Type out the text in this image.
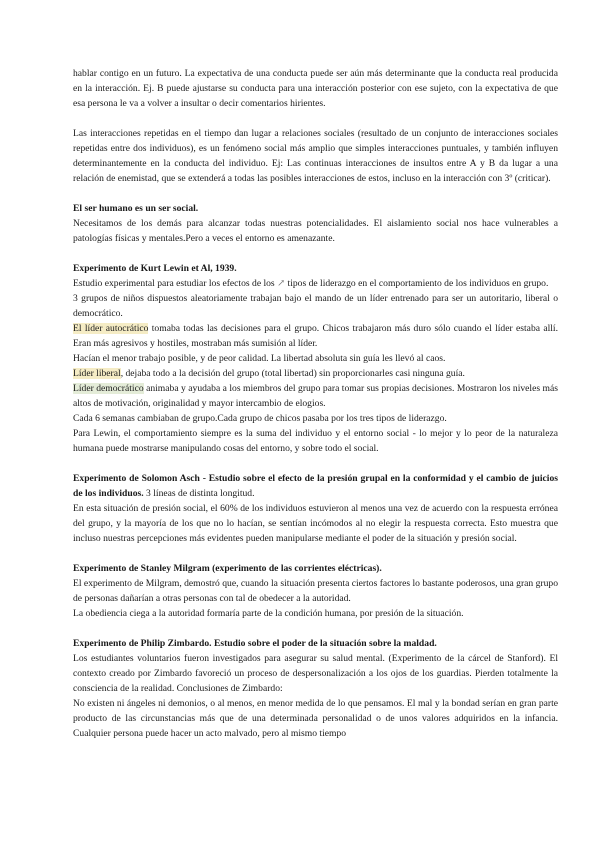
hablar contigo en un futuro. La expectativa de una conducta puede ser aún más determinante que la conducta real producida en la interacción. Ej. B puede ajustarse su conducta para una interacción posterior con ese sujeto, con la expectativa de que esa persona le va a volver a insultar o decir comentarios hirientes.

Las interacciones repetidas en el tiempo dan lugar a relaciones sociales (resultado de un conjunto de interacciones sociales repetidas entre dos individuos), es un fenómeno social más amplio que simples interacciones puntuales, y también influyen determinantemente en la conducta del individuo. Ej: Las continuas interacciones de insultos entre A y B da lugar a una relación de enemistad, que se extenderá a todas las posibles interacciones de estos, incluso en la interacción con 3º (criticar).

El ser humano es un ser social.

Necesitamos de los demás para alcanzar todas nuestras potencialidades. El aislamiento social nos hace vulnerables a patologías físicas y mentales.Pero a veces el entorno es amenazante.

Experimento de Kurt Lewin et Al, 1939.

Estudio experimental para estudiar los efectos de los ↗ tipos de liderazgo en el comportamiento de los individuos en grupo.

3 grupos de niños dispuestos aleatoriamente trabajan bajo el mando de un líder entrenado para ser un autoritario, liberal o democrático.

El líder autocrático tomaba todas las decisiones para el grupo. Chicos trabajaron más duro sólo cuando el líder estaba allí. Eran más agresivos y hostiles, mostraban más sumisión al líder.

Hacían el menor trabajo posible, y de peor calidad. La libertad absoluta sin guía les llevó al caos.

Líder liberal, dejaba todo a la decisión del grupo (total libertad) sin proporcionarles casi ninguna guía.

Líder democrático animaba y ayudaba a los miembros del grupo para tomar sus propias decisiones. Mostraron los niveles más altos de motivación, originalidad y mayor intercambio de elogios.

Cada 6 semanas cambiaban de grupo.Cada grupo de chicos pasaba por los tres tipos de liderazgo.

Para Lewin, el comportamiento siempre es la suma del individuo y el entorno social - lo mejor y lo peor de la naturaleza humana puede mostrarse manipulando cosas del entorno, y sobre todo el social.

Experimento de Solomon Asch - Estudio sobre el efecto de la presión grupal en la conformidad y el cambio de juicios de los individuos. 3 líneas de distinta longitud.

En esta situación de presión social, el 60% de los individuos estuvieron al menos una vez de acuerdo con la respuesta errónea del grupo, y la mayoría de los que no lo hacían, se sentían incómodos al no elegir la respuesta correcta. Esto muestra que incluso nuestras percepciones más evidentes pueden manipularse mediante el poder de la situación y presión social.

Experimento de Stanley Milgram (experimento de las corrientes eléctricas).

El experimento de Milgram, demostró que, cuando la situación presenta ciertos factores lo bastante poderosos, una gran grupo de personas dañarían a otras personas con tal de obedecer a la autoridad.

La obediencia ciega a la autoridad formaría parte de la condición humana, por presión de la situación.

Experimento de Philip Zimbardo. Estudio sobre el poder de la situación sobre la maldad.

Los estudiantes voluntarios fueron investigados para asegurar su salud mental. (Experimento de la cárcel de Stanford). El contexto creado por Zimbardo favoreció un proceso de despersonalización a los ojos de los guardias. Pierden totalmente la consciencia de la realidad. Conclusiones de Zimbardo:

No existen ni ángeles ni demonios, o al menos, en menor medida de lo que pensamos. El mal y la bondad serían en gran parte producto de las circunstancias más que de una determinada personalidad o de unos valores adquiridos en la infancia. Cualquier persona puede hacer un acto malvado, pero al mismo tiempo
